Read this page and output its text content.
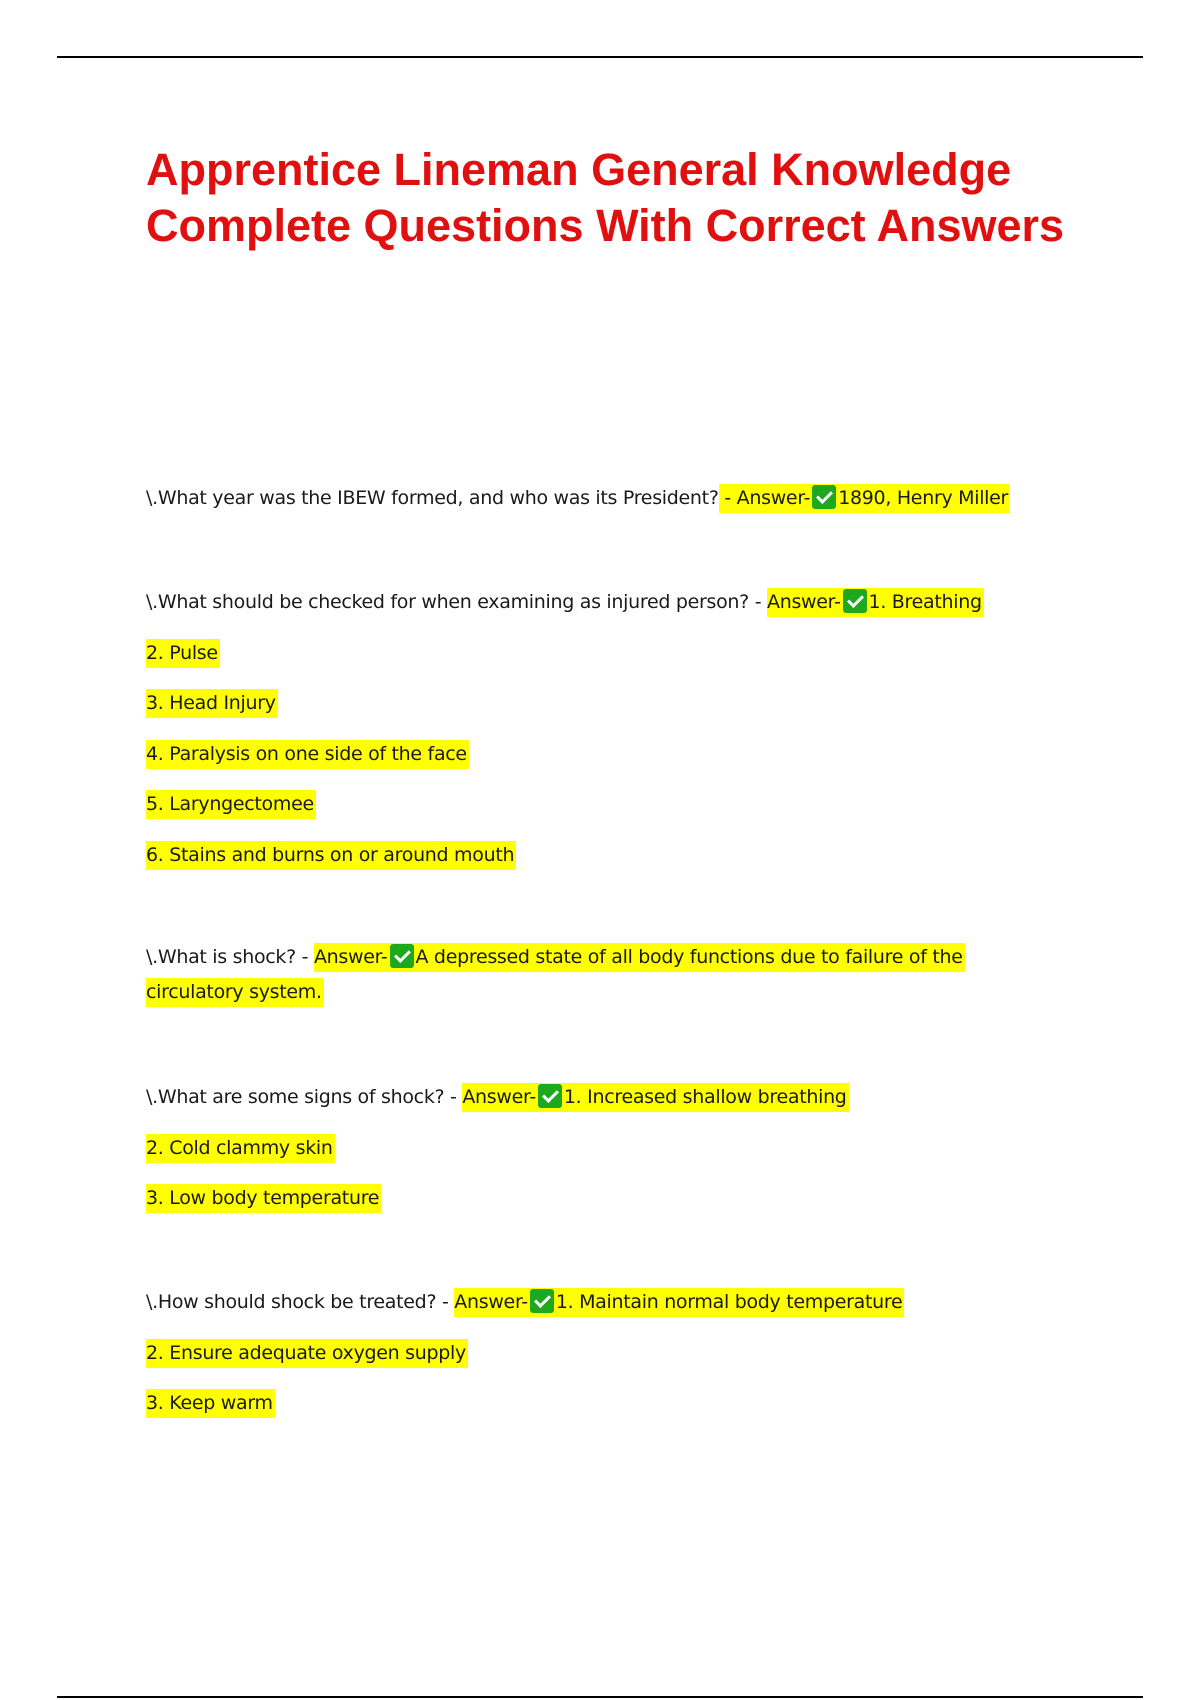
Apprentice Lineman General Knowledge Complete Questions With Correct Answers
\.What year was the IBEW formed, and who was its President? - Answer- 1890, Henry Miller
\.What should be checked for when examining as injured person? - Answer- 1. Breathing
2. Pulse
3. Head Injury
4. Paralysis on one side of the face
5. Laryngectomee
6. Stains and burns on or around mouth
\.What is shock? - Answer- A depressed state of all body functions due to failure of the
circulatory system.
\.What are some signs of shock? - Answer- 1. Increased shallow breathing
2. Cold clammy skin
3. Low body temperature
\.How should shock be treated? - Answer- 1. Maintain normal body temperature
2. Ensure adequate oxygen supply
3. Keep warm
